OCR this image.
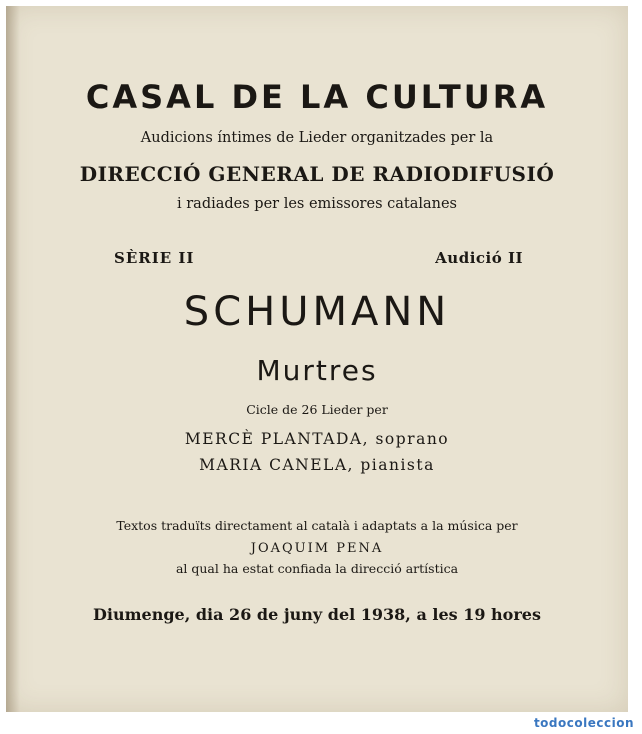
CASAL DE LA CULTURA
Audicions íntimes de Lieder organitzades per la
DIRECCIÓ GENERAL DE RADIODIFUSIÓ
i radiades per les emissores catalanes
SÈRIE II	Audició II
SCHUMANN
Murtres
Cicle de 26 Lieder per
MERCÈ PLANTADA, soprano
MARIA CANELA, pianista
Textos traduïts directament al català i adaptats a la música per
JOAQUIM PENA
al qual ha estat confiada la direcció artística
Diumenge, dia 26 de juny del 1938, a les 19 hores
todocoleccion
